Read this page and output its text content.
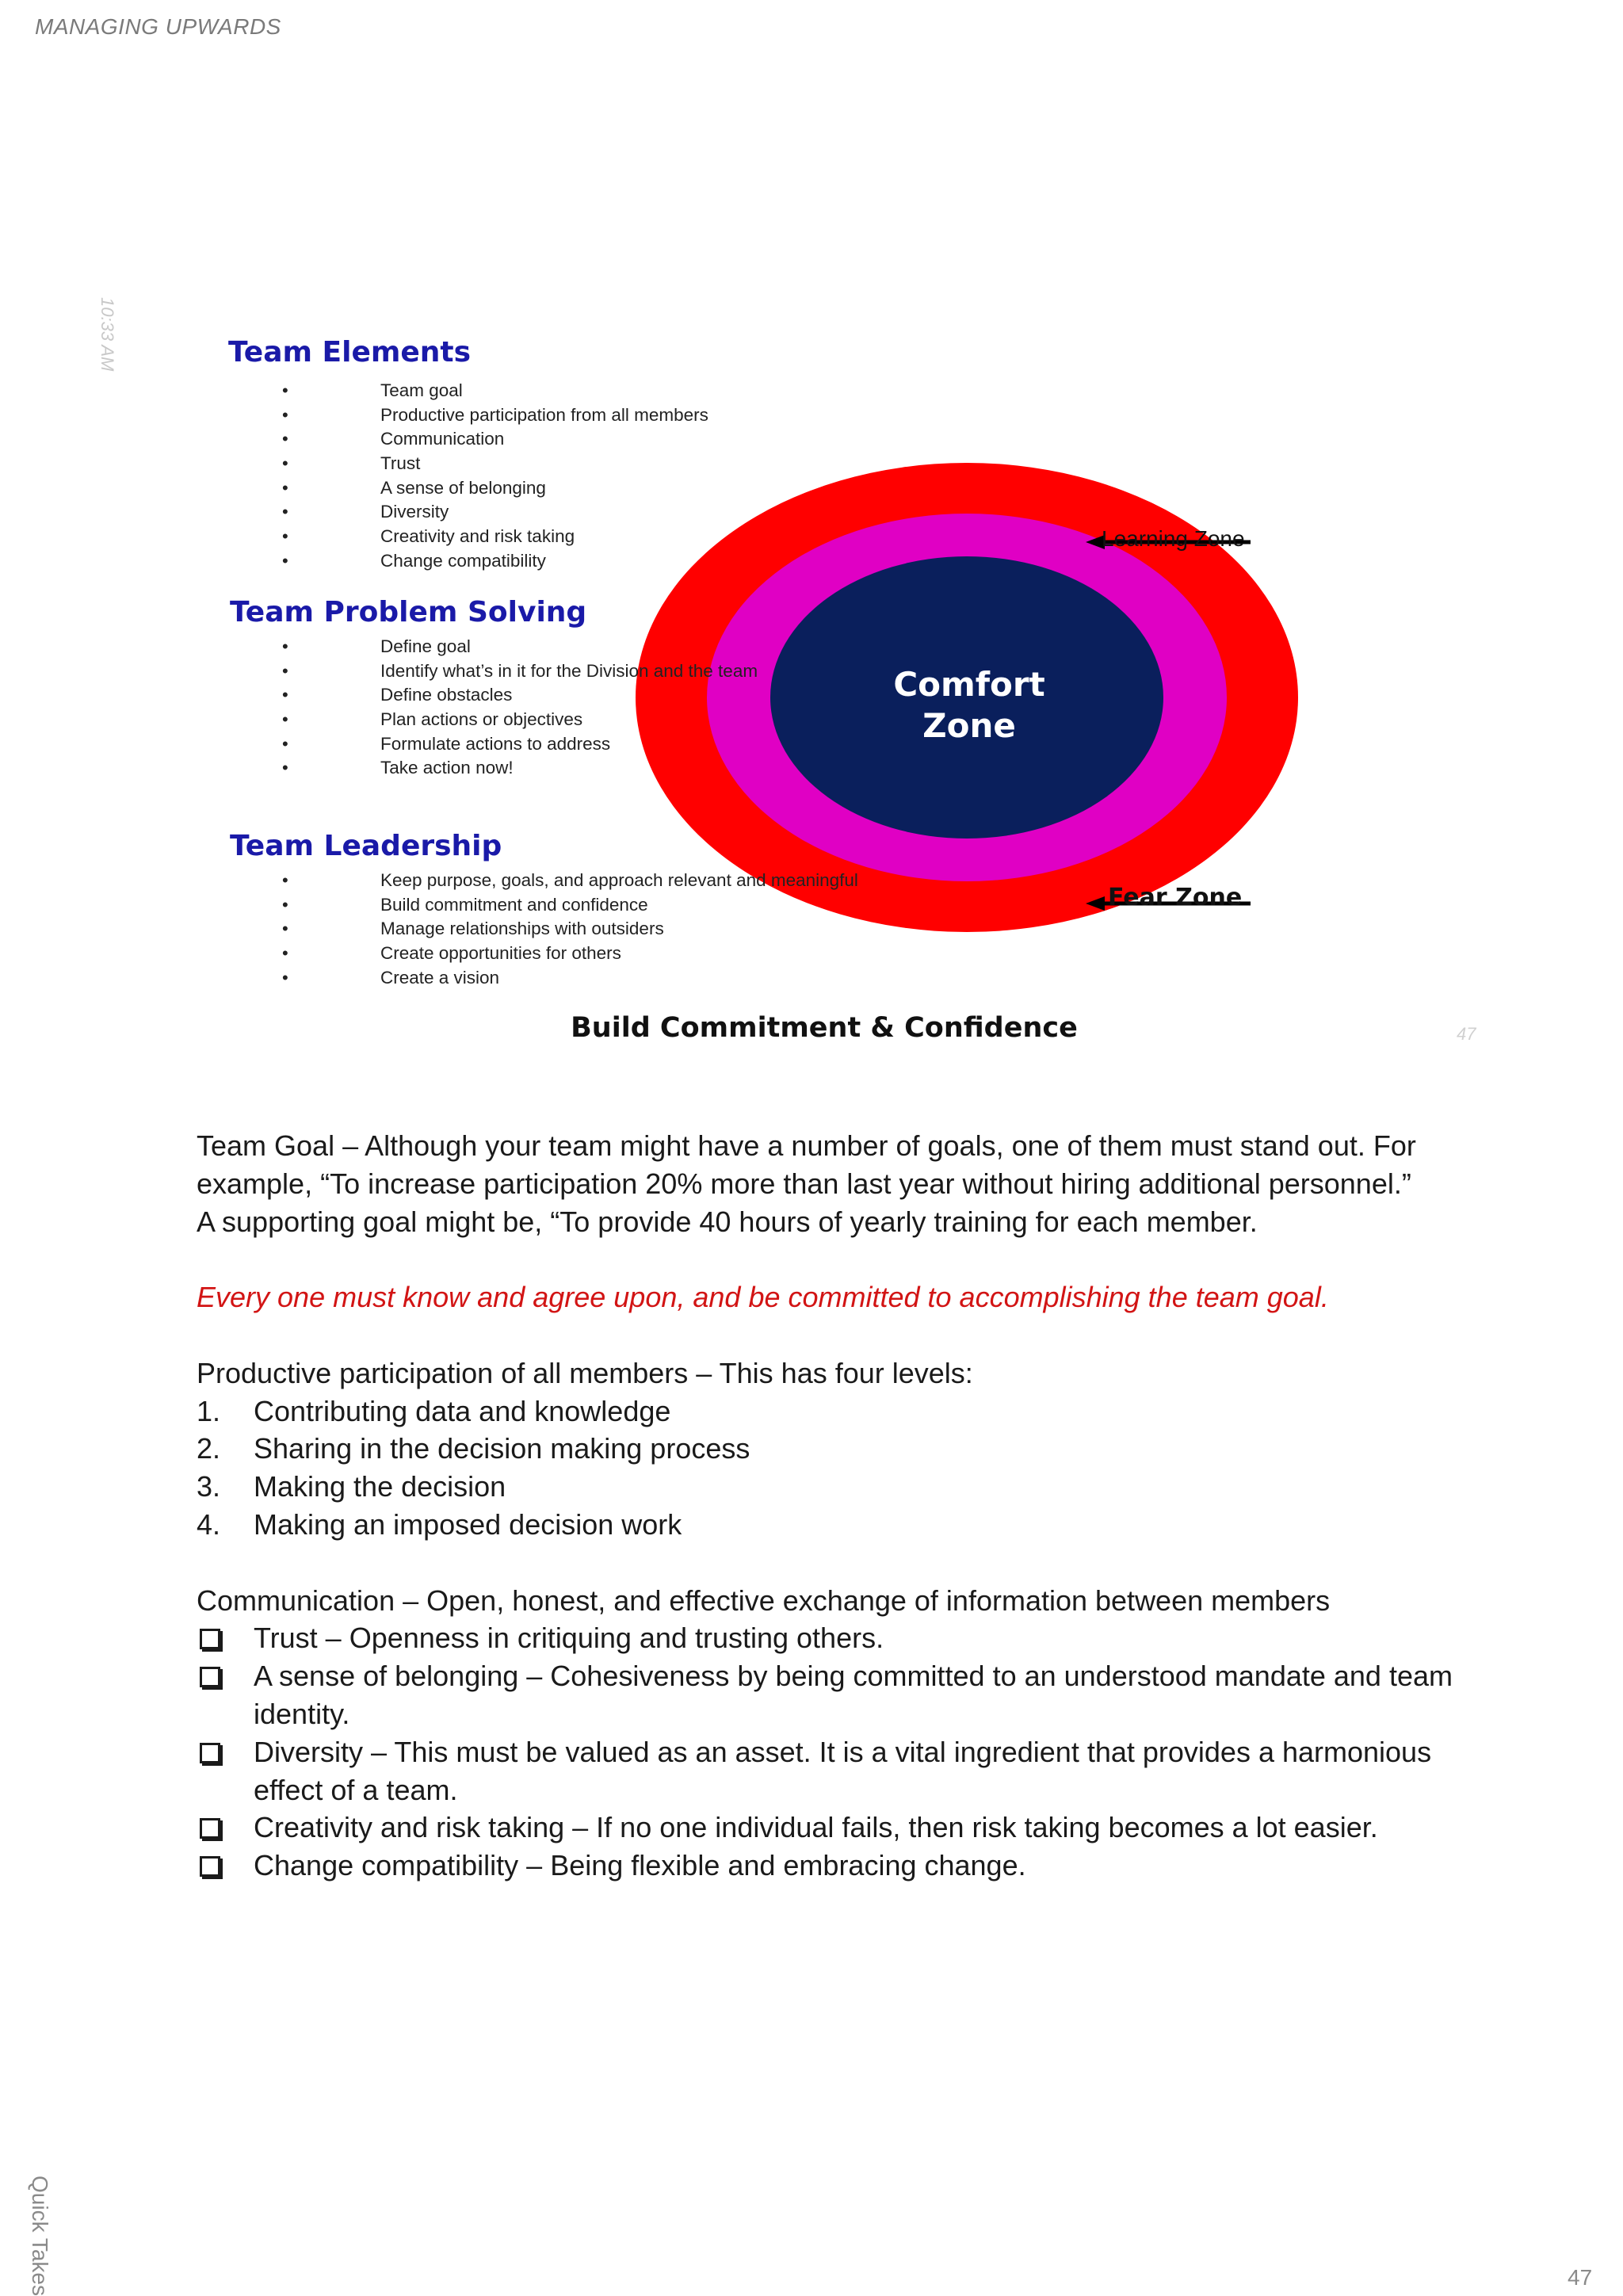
MANAGING UPWARDS
10:33 AM	Team Elements
• Team goal
• Productive participation from all members
• Communication
• Trust
• A sense of belonging
• Diversity
• Creativity and risk taking
• Change compatibility
Comfort
Zone
Learning Zone
Fear Zone
Team Problem Solving
• Define goal
• Identify what’s in it for the Division and the team
• Define obstacles
• Plan actions or objectives
• Formulate actions to address
• Take action now!
Team Leadership
• Keep purpose, goals, and approach relevant and meaningful
• Build commitment and confidence
• Manage relationships with outsiders
• Create opportunities for others
• Create a vision
Build Commitment & Confidence	47

Team Goal – Although your team might have a number of goals, one of them must stand out. For example, “To increase participation 20% more than last year without hiring additional personnel.” A supporting goal might be, “To provide 40 hours of yearly training for each member.

Every one must know and agree upon, and be committed to accomplishing the team goal.

Productive participation of all members – This has four levels:

1. Contributing data and knowledge
2. Sharing in the decision making process
3. Making the decision
4. Making an imposed decision work

Communication – Open, honest, and effective exchange of information between members

Trust – Openness in critiquing and trusting others.
A sense of belonging – Cohesiveness by being committed to an understood mandate and team identity.
Diversity – This must be valued as an asset. It is a vital ingredient that provides a harmonious effect of a team.
Creativity and risk taking – If no one individual fails, then risk taking becomes a lot easier.
Change compatibility – Being flexible and embracing change.
Quick Takes	47
